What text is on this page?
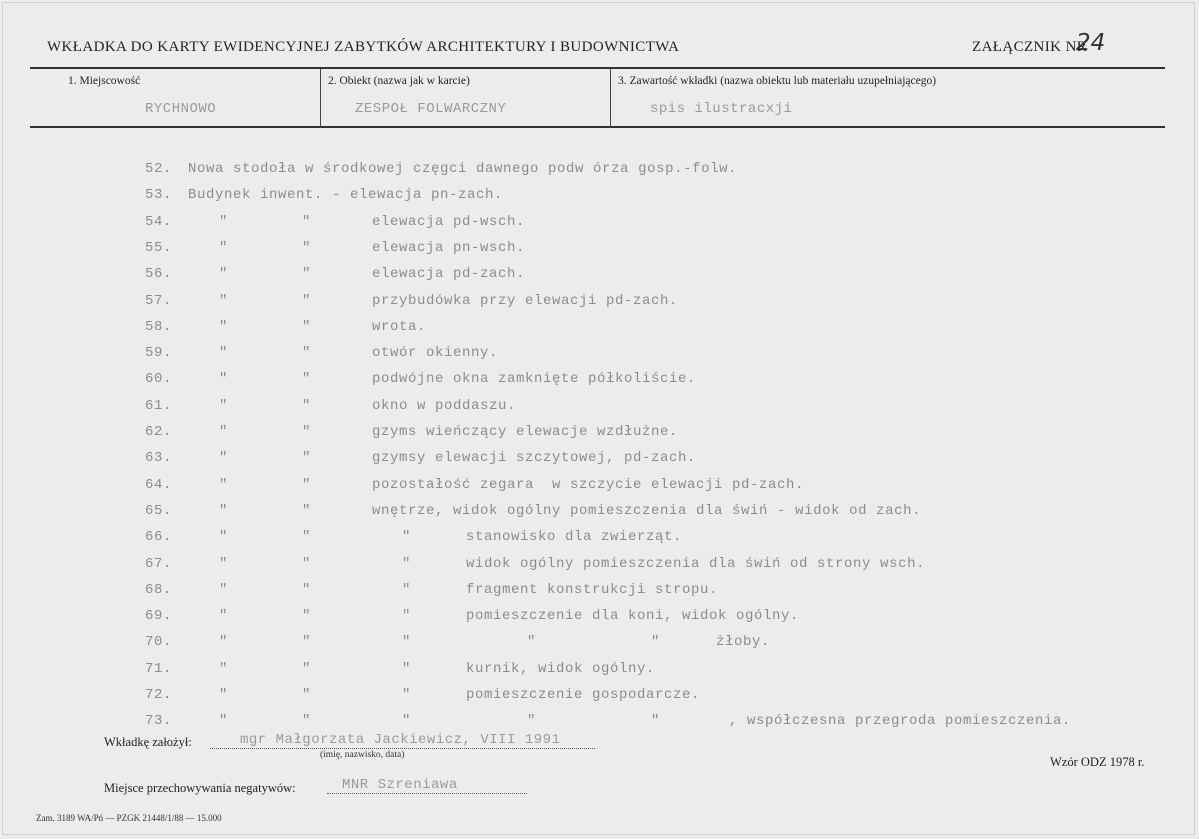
WKŁADKA DO KARTY EWIDENCYJNEJ ZABYTKÓW ARCHITEKTURY I BUDOWNICTWA	ZAŁĄCZNIK NR
24
1. Miejscowość	2. Obiekt (nazwa jak w karcie)	3. Zawartość wkładki (nazwa obiektu lub materiału uzupełniającego)
RYCHNOWO	ZESPOŁ FOLWARCZNY	spis ilustracxji
52. Nowa stodoła w środkowej częgci dawnego podw órza gosp.-folw.
53. Budynek inwent. - elewacja pn-zach.
54.	"	"	elewacja pd-wsch.
55.	"	"	elewacja pn-wsch.
56.	"	"	elewacja pd-zach.
57.	"	"	przybudówka przy elewacji pd-zach.
58.	"	"	wrota.
59.	"	"	otwór okienny.
60.	"	"	podwójne okna zamknięte półkoliście.
61.	"	"	okno w poddaszu.
62.	"	"	gzyms wieńczący elewacje wzdłużne.
63.	"	"	gzymsy elewacji szczytowej, pd-zach.
64.	"	"	pozostałość zegara  w szczycie elewacji pd-zach.
65.	"	"	wnętrze, widok ogólny pomieszczenia dla świń - widok od zach.
66.	"	"	"	stanowisko dla zwierząt.
67.	"	"	"	widok ogólny pomieszczenia dla świń od strony wsch.
68.	"	"	"	fragment konstrukcji stropu.
69.	"	"	"	pomieszczenie dla koni, widok ogólny.
70.	"	"	"	"	"	żłoby.
71.	"	"	"	kurnik, widok ogólny.
72.	"	"	"	pomieszczenie gospodarcze.
73.	"	"	"	"	"	, współczesna przegroda pomieszczenia.
Wkładkę założył:	mgr Małgorzata Jackiewicz, VIII 1991
(imię, nazwisko, data)	Wzór ODZ 1978 r.
Miejsce przechowywania negatywów:	MNR Szreniawa
Zam. 3189 WA/Pń — PZGK 21448/1/88 — 15.000
